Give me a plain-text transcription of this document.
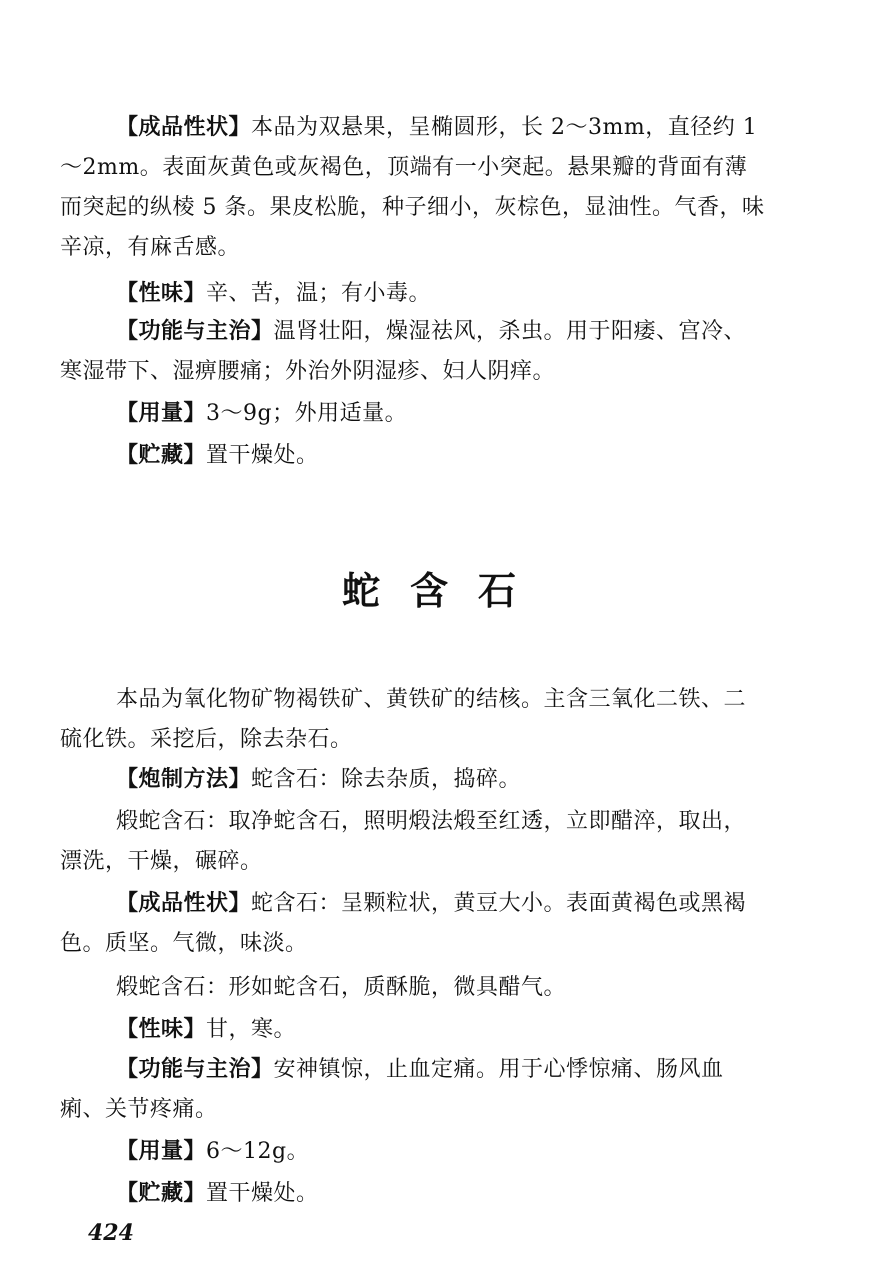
【成品性状】本品为双悬果，呈椭圆形，长 2～3mm，直径约 1～2mm。表面灰黄色或灰褐色，顶端有一小突起。悬果瓣的背面有薄而突起的纵棱 5 条。果皮松脆，种子细小，灰棕色，显油性。气香，味辛凉，有麻舌感。

【性味】辛、苦，温；有小毒。

【功能与主治】温肾壮阳，燥湿祛风，杀虫。用于阳痿、宫冷、寒湿带下、湿痹腰痛；外治外阴湿疹、妇人阴痒。

【用量】3～9g；外用适量。

【贮藏】置干燥处。

蛇含石

本品为氧化物矿物褐铁矿、黄铁矿的结核。主含三氧化二铁、二硫化铁。采挖后，除去杂石。

【炮制方法】蛇含石：除去杂质，捣碎。

煅蛇含石：取净蛇含石，照明煅法煅至红透，立即醋淬，取出，漂洗，干燥，碾碎。

【成品性状】蛇含石：呈颗粒状，黄豆大小。表面黄褐色或黑褐色。质坚。气微，味淡。

煅蛇含石：形如蛇含石，质酥脆，微具醋气。

【性味】甘，寒。

【功能与主治】安神镇惊，止血定痛。用于心悸惊痛、肠风血痢、关节疼痛。

【用量】6～12g。

【贮藏】置干燥处。

424
